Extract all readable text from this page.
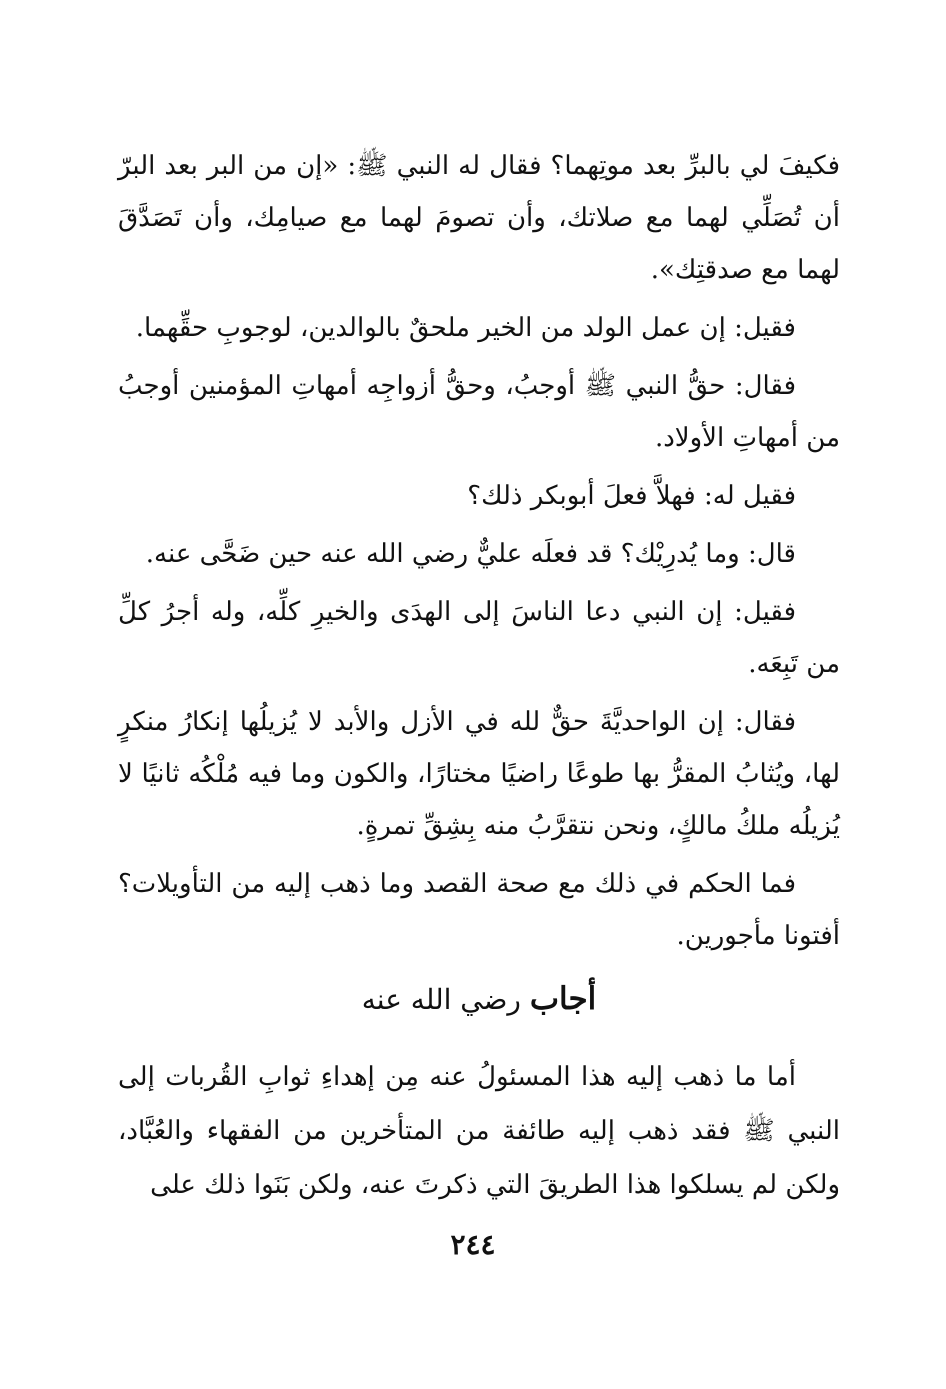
فكيفَ لي بالبرِّ بعد موتِهما؟ فقال له النبي ﷺ: «إن من البر بعد البرّ أن تُصَلِّي لهما مع صلاتك، وأن تصومَ لهما مع صيامِك، وأن تَصَدَّقَ لهما مع صدقتِك».

فقيل: إن عمل الولد من الخير ملحقٌ بالوالدين، لوجوبِ حقِّهما.

فقال: حقُّ النبي ﷺ أوجبُ، وحقُّ أزواجِه أمهاتِ المؤمنين أوجبُ من أمهاتِ الأولاد.

فقيل له: فهلاَّ فعلَ أبوبكر ذلك؟

قال: وما يُدرِيْك؟ قد فعلَه عليٌّ رضي الله عنه حين ضَحَّى عنه.

فقيل: إن النبي دعا الناسَ إلى الهدَى والخيرِ كلِّه، وله أجرُ كلِّ من تَبِعَه.

فقال: إن الواحديَّةَ حقٌّ لله في الأزل والأبد لا يُزيلُها إنكارُ منكرٍ لها، ويُثابُ المقرُّ بها طوعًا راضيًا مختارًا، والكون وما فيه مُلْكُه ثانيًا لا يُزيلُه ملكُ مالكٍ، ونحن نتقرَّبُ منه بِشِقِّ تمرةٍ.

فما الحكم في ذلك مع صحة القصد وما ذهب إليه من التأويلات؟ أفتونا مأجورين.

أجاب رضي الله عنه

أما ما ذهب إليه هذا المسئولُ عنه مِن إهداءِ ثوابِ القُربات إلى النبي ﷺ فقد ذهب إليه طائفة من المتأخرين من الفقهاء والعُبَّاد، ولكن لم يسلكوا هذا الطريقَ التي ذكرتَ عنه، ولكن بَنَوا ذلك على

٢٤٤
